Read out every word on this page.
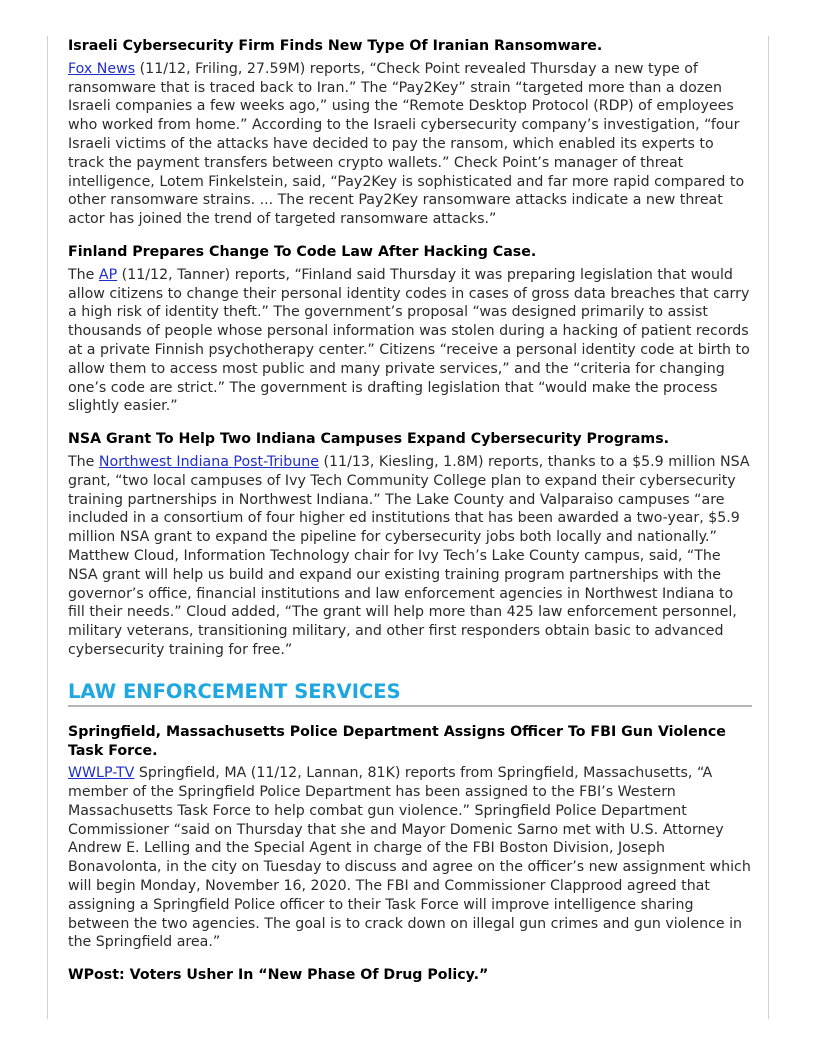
Israeli Cybersecurity Firm Finds New Type Of Iranian Ransomware.

Fox News (11/12, Friling, 27.59M) reports, “Check Point revealed Thursday a new type of ransomware that is traced back to Iran.” The “Pay2Key” strain “targeted more than a dozen Israeli companies a few weeks ago,” using the “Remote Desktop Protocol (RDP) of employees who worked from home.” According to the Israeli cybersecurity company’s investigation, “four Israeli victims of the attacks have decided to pay the ransom, which enabled its experts to track the payment transfers between crypto wallets.” Check Point’s manager of threat intelligence, Lotem Finkelstein, said, “Pay2Key is sophisticated and far more rapid compared to other ransomware strains. ... The recent Pay2Key ransomware attacks indicate a new threat actor has joined the trend of targeted ransomware attacks.”

Finland Prepares Change To Code Law After Hacking Case.

The AP (11/12, Tanner) reports, “Finland said Thursday it was preparing legislation that would allow citizens to change their personal identity codes in cases of gross data breaches that carry a high risk of identity theft.” The government’s proposal “was designed primarily to assist thousands of people whose personal information was stolen during a hacking of patient records at a private Finnish psychotherapy center.” Citizens “receive a personal identity code at birth to allow them to access most public and many private services,” and the “criteria for changing one’s code are strict.” The government is drafting legislation that “would make the process slightly easier.”

NSA Grant To Help Two Indiana Campuses Expand Cybersecurity Programs.

The Northwest Indiana Post-Tribune (11/13, Kiesling, 1.8M) reports, thanks to a $5.9 million NSA grant, “two local campuses of Ivy Tech Community College plan to expand their cybersecurity training partnerships in Northwest Indiana.” The Lake County and Valparaiso campuses “are included in a consortium of four higher ed institutions that has been awarded a two-year, $5.9 million NSA grant to expand the pipeline for cybersecurity jobs both locally and nationally.” Matthew Cloud, Information Technology chair for Ivy Tech’s Lake County campus, said, “The NSA grant will help us build and expand our existing training program partnerships with the governor’s office, financial institutions and law enforcement agencies in Northwest Indiana to fill their needs.” Cloud added, “The grant will help more than 425 law enforcement personnel, military veterans, transitioning military, and other first responders obtain basic to advanced cybersecurity training for free.”

LAW ENFORCEMENT SERVICES
Springfield, Massachusetts Police Department Assigns Officer To FBI Gun Violence Task Force.

WWLP-TV Springfield, MA (11/12, Lannan, 81K) reports from Springfield, Massachusetts, “A member of the Springfield Police Department has been assigned to the FBI’s Western Massachusetts Task Force to help combat gun violence.” Springfield Police Department Commissioner “said on Thursday that she and Mayor Domenic Sarno met with U.S. Attorney Andrew E. Lelling and the Special Agent in charge of the FBI Boston Division, Joseph Bonavolonta, in the city on Tuesday to discuss and agree on the officer’s new assignment which will begin Monday, November 16, 2020. The FBI and Commissioner Clapprood agreed that assigning a Springfield Police officer to their Task Force will improve intelligence sharing between the two agencies. The goal is to crack down on illegal gun crimes and gun violence in the Springfield area.”

WPost: Voters Usher In “New Phase Of Drug Policy.”
